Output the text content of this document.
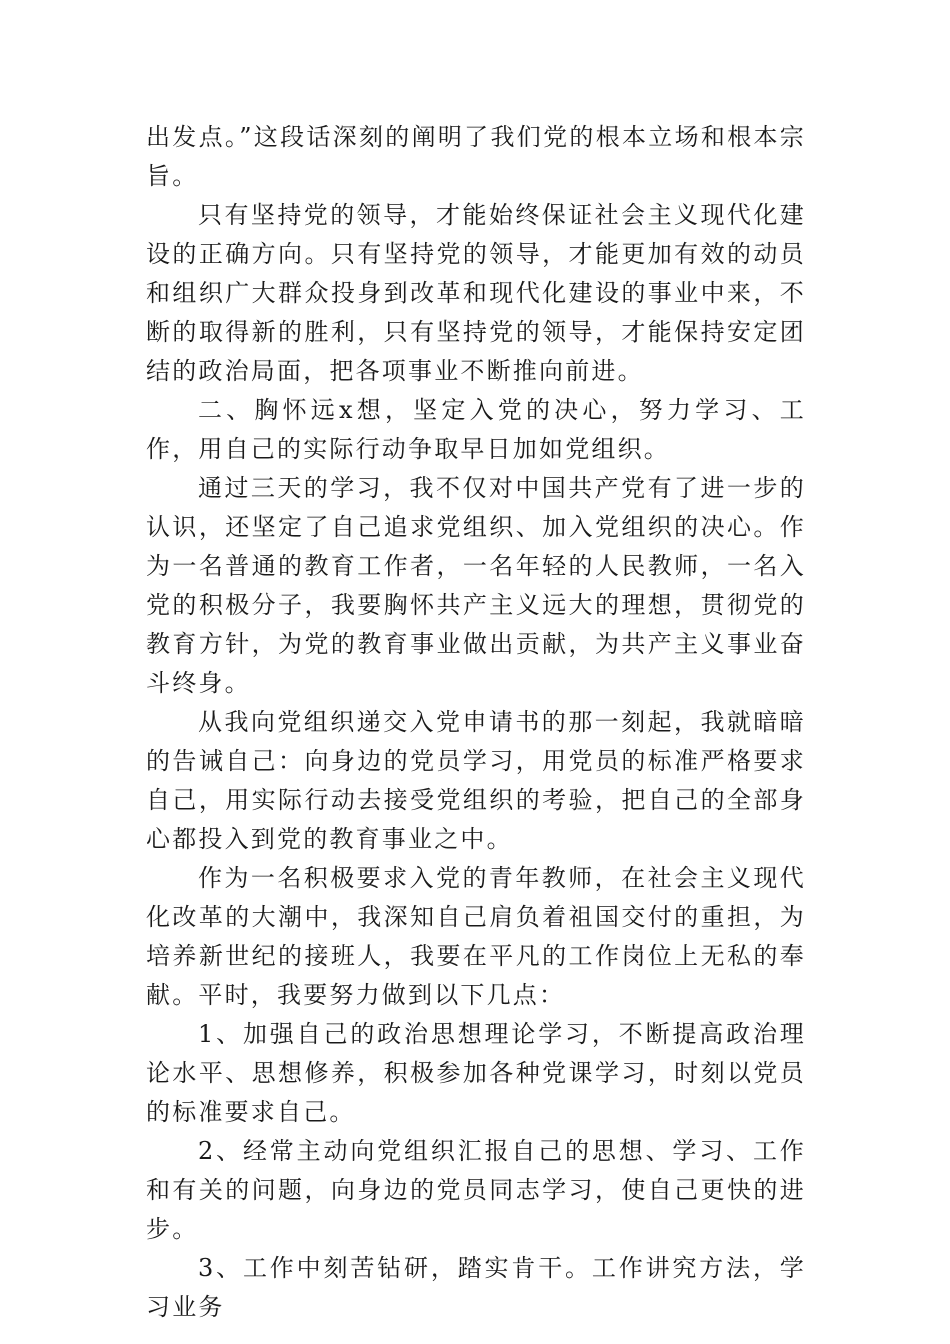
出发点。”这段话深刻的阐明了我们党的根本立场和根本宗旨。

只有坚持党的领导，才能始终保证社会主义现代化建设的正确方向。只有坚持党的领导，才能更加有效的动员和组织广大群众投身到改革和现代化建设的事业中来，不断的取得新的胜利，只有坚持党的领导，才能保持安定团结的政治局面，把各项事业不断推向前进。

二、胸怀远x想，坚定入党的决心，努力学习、工作，用自己的实际行动争取早日加如党组织。

通过三天的学习，我不仅对中国共产党有了进一步的认识，还坚定了自己追求党组织、加入党组织的决心。作为一名普通的教育工作者，一名年轻的人民教师，一名入党的积极分子，我要胸怀共产主义远大的理想，贯彻党的教育方针，为党的教育事业做出贡献，为共产主义事业奋斗终身。

从我向党组织递交入党申请书的那一刻起，我就暗暗的告诫自己：向身边的党员学习，用党员的标准严格要求自己，用实际行动去接受党组织的考验，把自己的全部身心都投入到党的教育事业之中。

作为一名积极要求入党的青年教师，在社会主义现代化改革的大潮中，我深知自己肩负着祖国交付的重担，为培养新世纪的接班人，我要在平凡的工作岗位上无私的奉献。平时，我要努力做到以下几点：

1、加强自己的政治思想理论学习，不断提高政治理论水平、思想修养，积极参加各种党课学习，时刻以党员的标准要求自己。

2、经常主动向党组织汇报自己的思想、学习、工作和有关的问题，向身边的党员同志学习，使自己更快的进步。

3、工作中刻苦钻研，踏实肯干。工作讲究方法，学习业务
